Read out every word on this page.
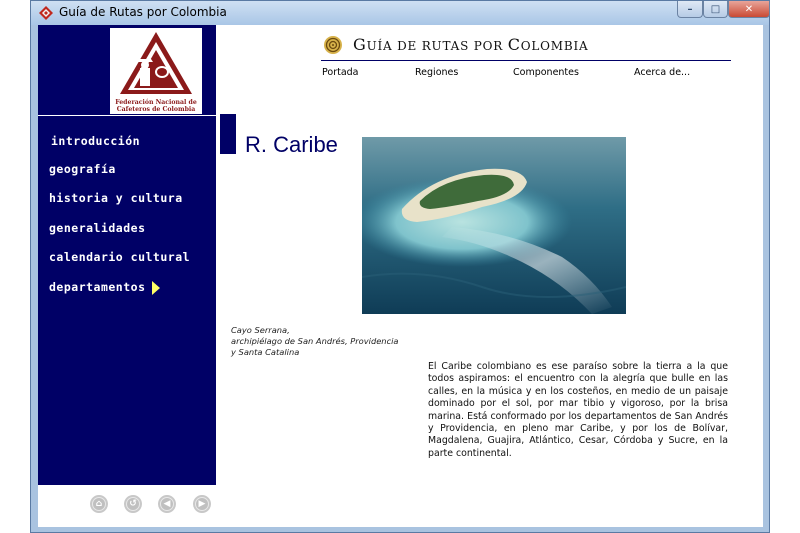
Guía de Rutas por Colombia	–	□	✕
Federación Nacional de
Cafeteros de Colombia
introducción
geografía
historia y cultura
generalidades
calendario cultural
departamentos
⌂	↺	◀	▶
GUÍA DE RUTAS POR COLOMBIA
Portada	Regiones	Componentes	Acerca de...
R. Caribe
Cayo Serrana,
archipiélago de San Andrés, Providencia
y Santa Catalina
El Caribe colombiano es ese paraíso sobre la tierra a la que todos aspiramos: el encuentro con la alegría que bulle en las calles, en la música y en los costeños, en medio de un paisaje dominado por el sol, por mar tibio y vigoroso, por la brisa marina. Está conformado por los departamentos de San Andrés y Providencia, en pleno mar Caribe, y por los de Bolívar, Magdalena, Guajira, Atlántico, Cesar, Córdoba y Sucre, en la parte continental.
